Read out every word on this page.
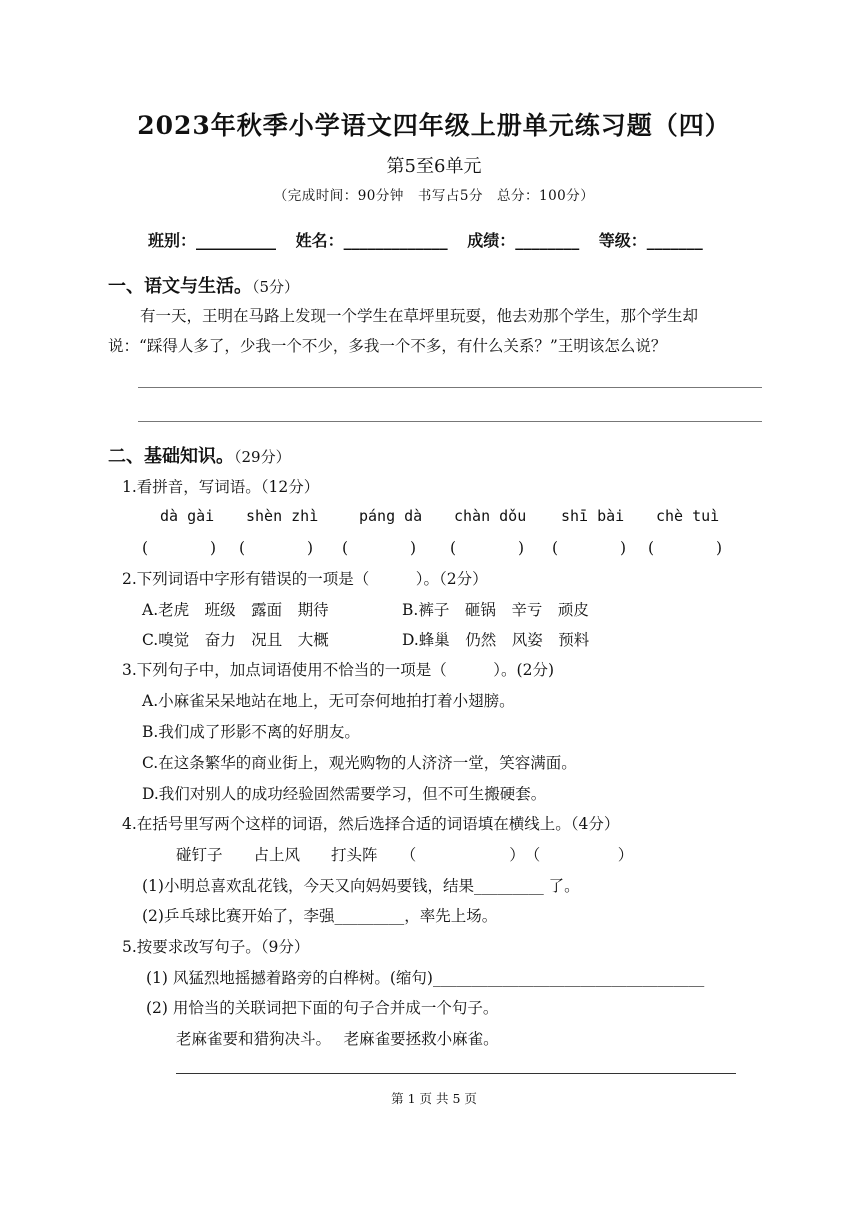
2023年秋季小学语文四年级上册单元练习题（四）
第5至6单元
（完成时间：90分钟　书写占5分　总分：100分）
班别：__________ 姓名：_____________ 成绩：________ 等级：_______
一、语文与生活。（5分）
有一天，王明在马路上发现一个学生在草坪里玩耍，他去劝那个学生，那个学生却
说：“踩得人多了，少我一个不少，多我一个不多，有什么关系？”王明该怎么说？
二、基础知识。（29分）
1.看拼音，写词语。（12分）
dà gài shèn zhì	páng dà chàn dǒu shī bài chè tuì
(　　　　) (　　　　) (　　　　) (　　　　) (　　　　) (　　　　)
2.下列词语中字形有错误的一项是（　　　）。（2分）
A.老虎　班级　露面　期待	B.裤子　砸锅　辛亏　顽皮
C.嗅觉　奋力　况且　大概	D.蜂巢　仍然　风姿　预料
3.下列句子中，加点词语使用不恰当的一项是（　　　）。(2分)
A.小麻雀呆呆地站在地上，无可奈何地拍打着小翅膀。
B.我们成了形影不离的好朋友。
C.在这条繁华的商业街上，观光购物的人济济一堂，笑容满面。
D.我们对别人的成功经验固然需要学习，但不可生搬硬套。
4.在括号里写两个这样的词语，然后选择合适的词语填在横线上。（4分）
碰钉子　　占上风　　打头阵　　（　　　　　　）　（　　　　　）
(1)小明总喜欢乱花钱，今天又向妈妈要钱，结果_________ 了。
(2)乒乓球比赛开始了，李强_________，率先上场。
5.按要求改写句子。（9分）
(1) 风猛烈地摇撼着路旁的白桦树。(缩句)___________________________________
(2) 用恰当的关联词把下面的句子合并成一个句子。
老麻雀要和猎狗决斗。　 老麻雀要拯救小麻雀。
第 1 页 共 5 页
